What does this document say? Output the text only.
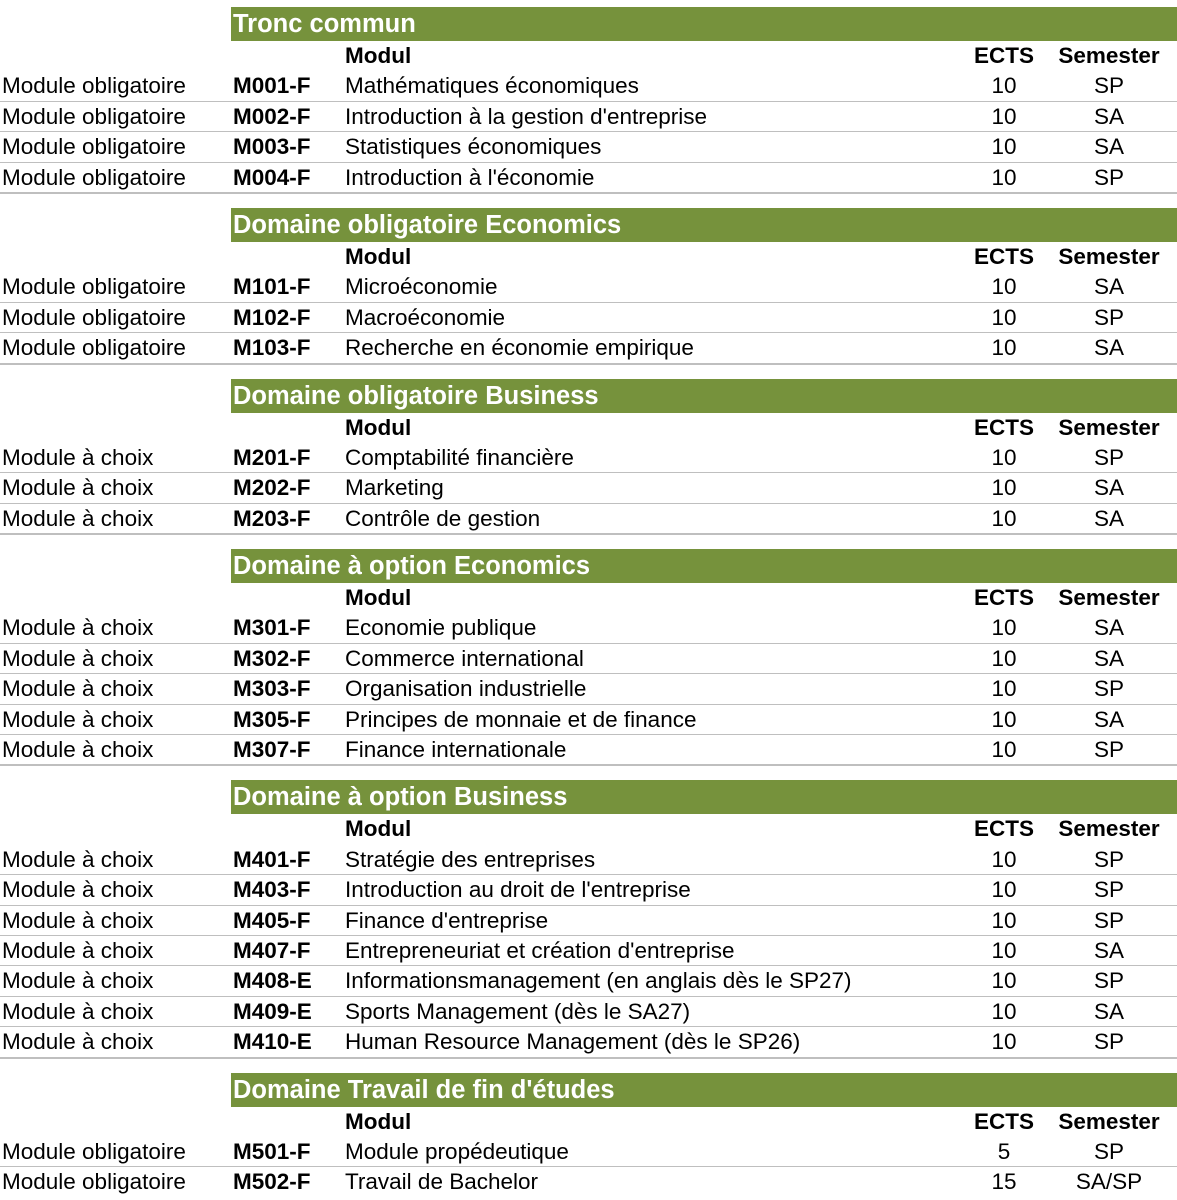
Tronc commun
Modul	ECTS	Semester
Module obligatoire M001-F Mathématiques économiques	10	SP
Module obligatoire M002-F Introduction à la gestion d'entreprise	10	SA
Module obligatoire M003-F Statistiques économiques	10	SA
Module obligatoire M004-F Introduction à l'économie	10	SP
Domaine obligatoire Economics
Modul	ECTS	Semester
Module obligatoire M101-F Microéconomie	10	SA
Module obligatoire M102-F Macroéconomie	10	SP
Module obligatoire M103-F Recherche en économie empirique	10	SA
Domaine obligatoire Business
Modul	ECTS	Semester
Module à choix	M201-F Comptabilité financière	10	SP
Module à choix	M202-F Marketing	10	SA
Module à choix	M203-F Contrôle de gestion	10	SA
Domaine à option Economics
Modul	ECTS	Semester
Module à choix	M301-F Economie publique	10	SA
Module à choix	M302-F Commerce international	10	SA
Module à choix	M303-F Organisation industrielle	10	SP
Module à choix	M305-F Principes de monnaie et de finance	10	SA
Module à choix	M307-F Finance internationale	10	SP
Domaine à option Business
Modul	ECTS	Semester
Module à choix	M401-F Stratégie des entreprises	10	SP
Module à choix	M403-F Introduction au droit de l'entreprise	10	SP
Module à choix	M405-F Finance d'entreprise	10	SP
Module à choix	M407-F Entrepreneuriat et création d'entreprise	10	SA
Module à choix	M408-E Informationsmanagement (en anglais dès le SP27)	10	SP
Module à choix	M409-E Sports Management (dès le SA27)	10	SA
Module à choix	M410-E Human Resource Management (dès le SP26)	10	SP
Domaine Travail de fin d'études
Modul	ECTS	Semester
Module obligatoire M501-F Module propédeutique	5	SP
Module obligatoire M502-F Travail de Bachelor	15	SA/SP
